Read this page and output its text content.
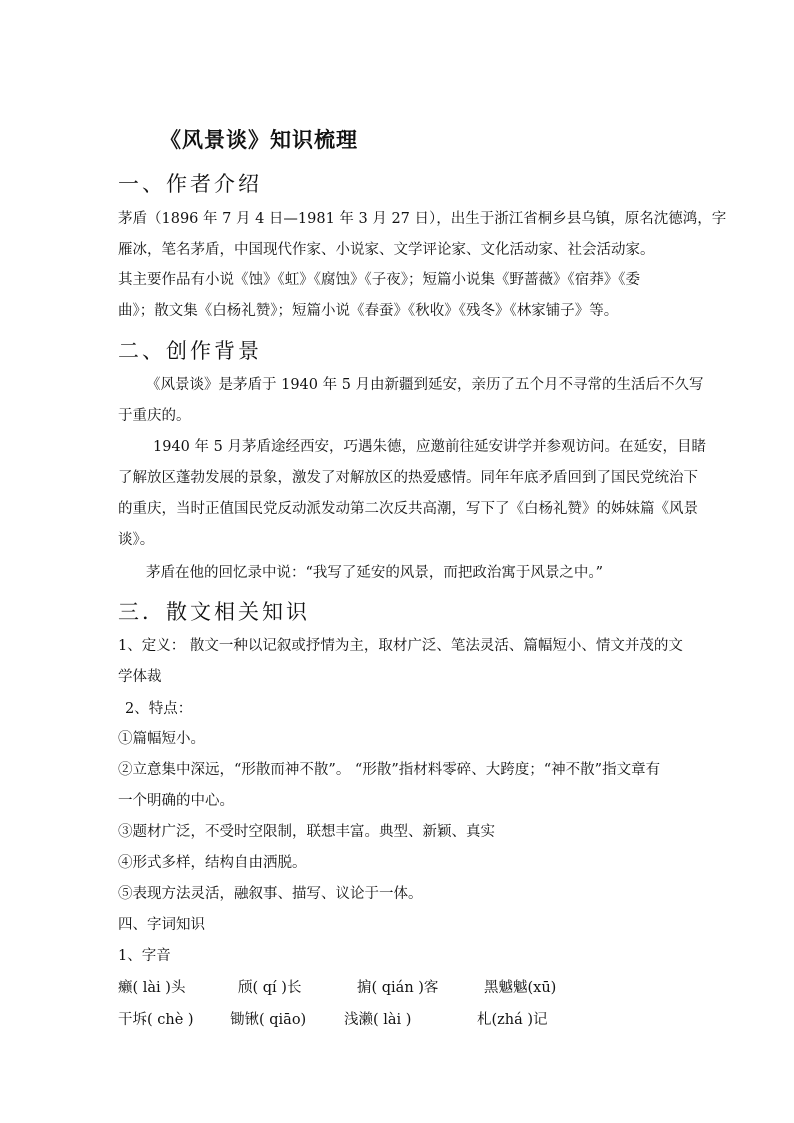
《风景谈》知识梳理
一、作者介绍
茅盾（1896 年 7 月 4 日—1981 年 3 月 27 日），出生于浙江省桐乡县乌镇，原名沈德鸿，字
雁冰，笔名茅盾，中国现代作家、小说家、文学评论家、文化活动家、社会活动家。
其主要作品有小说《蚀》《虹》《腐蚀》《子夜》；短篇小说集《野蔷薇》《宿莽》《委
曲》；散文集《白杨礼赞》；短篇小说《春蚕》《秋收》《残冬》《林家铺子》等。
二、创作背景
《风景谈》是茅盾于 1940 年 5 月由新疆到延安，亲历了五个月不寻常的生活后不久写
于重庆的。
1940 年 5 月茅盾途经西安，巧遇朱德，应邀前往延安讲学并参观访问。在延安，目睹
了解放区蓬勃发展的景象，激发了对解放区的热爱感情。同年年底矛盾回到了国民党统治下
的重庆，当时正值国民党反动派发动第二次反共高潮，写下了《白杨礼赞》的姊妹篇《风景
谈》。
茅盾在他的回忆录中说：“我写了延安的风景，而把政治寓于风景之中。”
三．散文相关知识
1、定义： 散文一种以记叙或抒情为主，取材广泛、笔法灵活、篇幅短小、情文并茂的文
学体裁
2、特点：
①篇幅短小。
②立意集中深远，“形散而神不散”。 “形散”指材料零碎、大跨度；“神不散”指文章有
一个明确的中心。
③题材广泛，不受时空限制，联想丰富。典型、新颖、真实
④形式多样，结构自由洒脱。
⑤表现方法灵活，融叙事、描写、议论于一体。
四、字词知识
1、字音
癞( lài )头	颀( qí )长	掮( qián )客	黑魆魆(xū)
干坼( chè )	锄锹( qiāo)	浅濑( lài )	札(zhá )记
